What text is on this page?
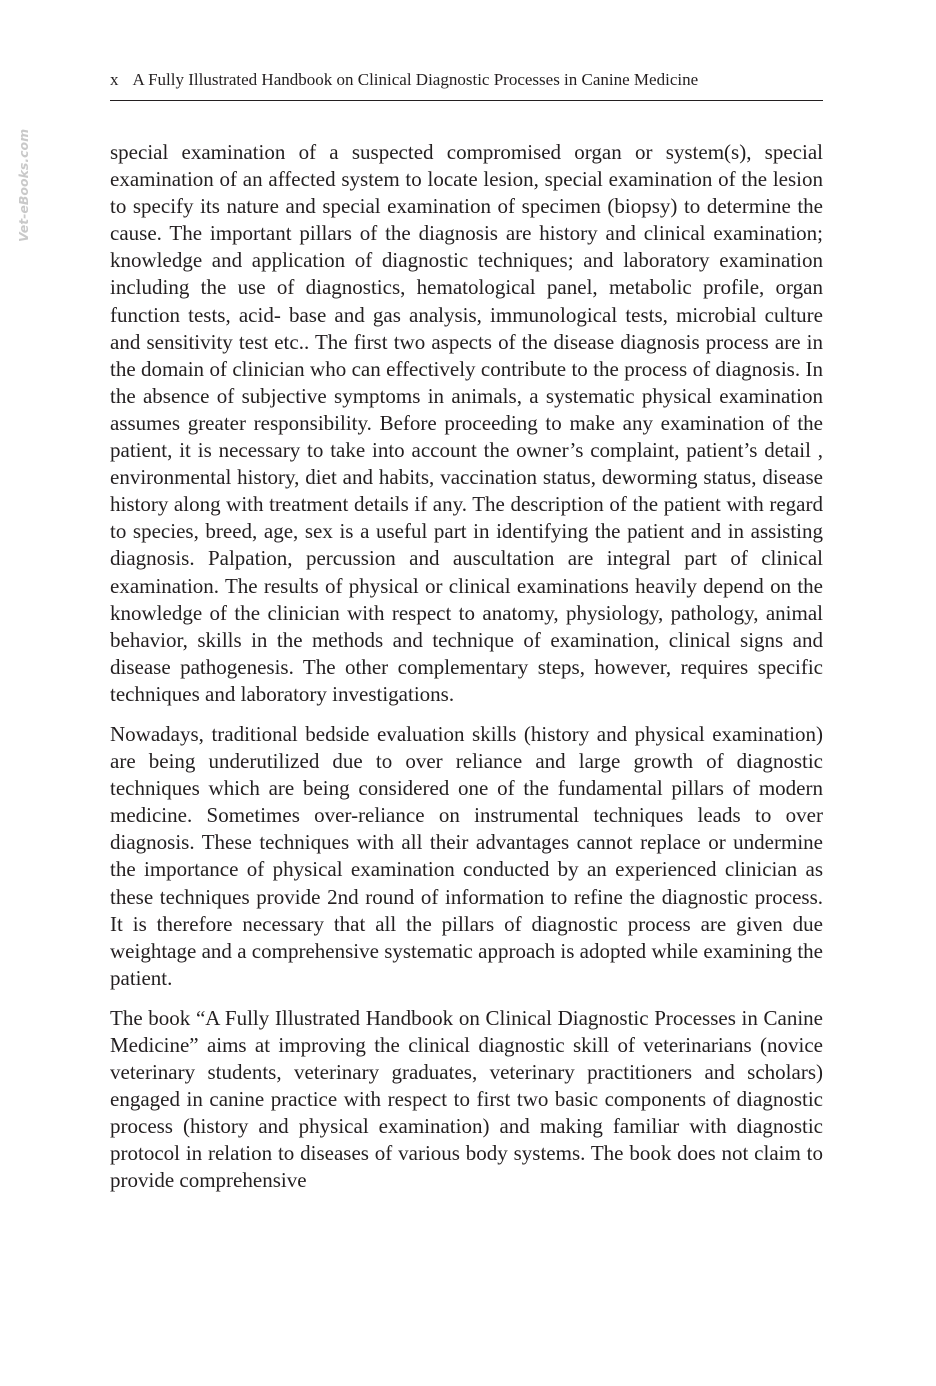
Vet-eBooks.com
x A Fully Illustrated Handbook on Clinical Diagnostic Processes in Canine Medicine

special examination of a suspected compromised organ or system(s), special examination of an affected system to locate lesion, special examination of the lesion to specify its nature and special examination of specimen (biopsy) to determine the cause. The important pillars of the diagnosis are history and clinical examination; knowledge and application of diagnostic techniques; and laboratory examination including the use of diagnostics, hematological panel, metabolic profile, organ function tests, acid- base and gas analysis, immunological tests, microbial culture and sensitivity test etc.. The first two aspects of the disease diagnosis process are in the domain of clinician who can effectively contribute to the process of diagnosis. In the absence of subjective symptoms in animals, a systematic physical examination assumes greater responsibility. Before proceeding to make any examination of the patient, it is necessary to take into account the owner’s complaint, patient’s detail , environmental history, diet and habits, vaccination status, deworming status, disease history along with treatment details if any. The description of the patient with regard to species, breed, age, sex is a useful part in identifying the patient and in assisting diagnosis. Palpation, percussion and auscultation are integral part of clinical examination. The results of physical or clinical examinations heavily depend on the knowledge of the clinician with respect to anatomy, physiology, pathology, animal behavior, skills in the methods and technique of examination, clinical signs and disease pathogenesis. The other complementary steps, however, requires specific techniques and laboratory investigations.

Nowadays, traditional bedside evaluation skills (history and physical examination) are being underutilized due to over reliance and large growth of diagnostic techniques which are being considered one of the fundamental pillars of modern medicine. Sometimes over-reliance on instrumental techniques leads to over diagnosis. These techniques with all their advantages cannot replace or undermine the importance of physical examination conducted by an experienced clinician as these techniques provide 2nd round of information to refine the diagnostic process. It is therefore necessary that all the pillars of diagnostic process are given due weightage and a comprehensive systematic approach is adopted while examining the patient.

The book “A Fully Illustrated Handbook on Clinical Diagnostic Processes in Canine Medicine” aims at improving the clinical diagnostic skill of veterinarians (novice veterinary students, veterinary graduates, veterinary practitioners and scholars) engaged in canine practice with respect to first two basic components of diagnostic process (history and physical examination) and making familiar with diagnostic protocol in relation to diseases of various body systems. The book does not claim to provide comprehensive
